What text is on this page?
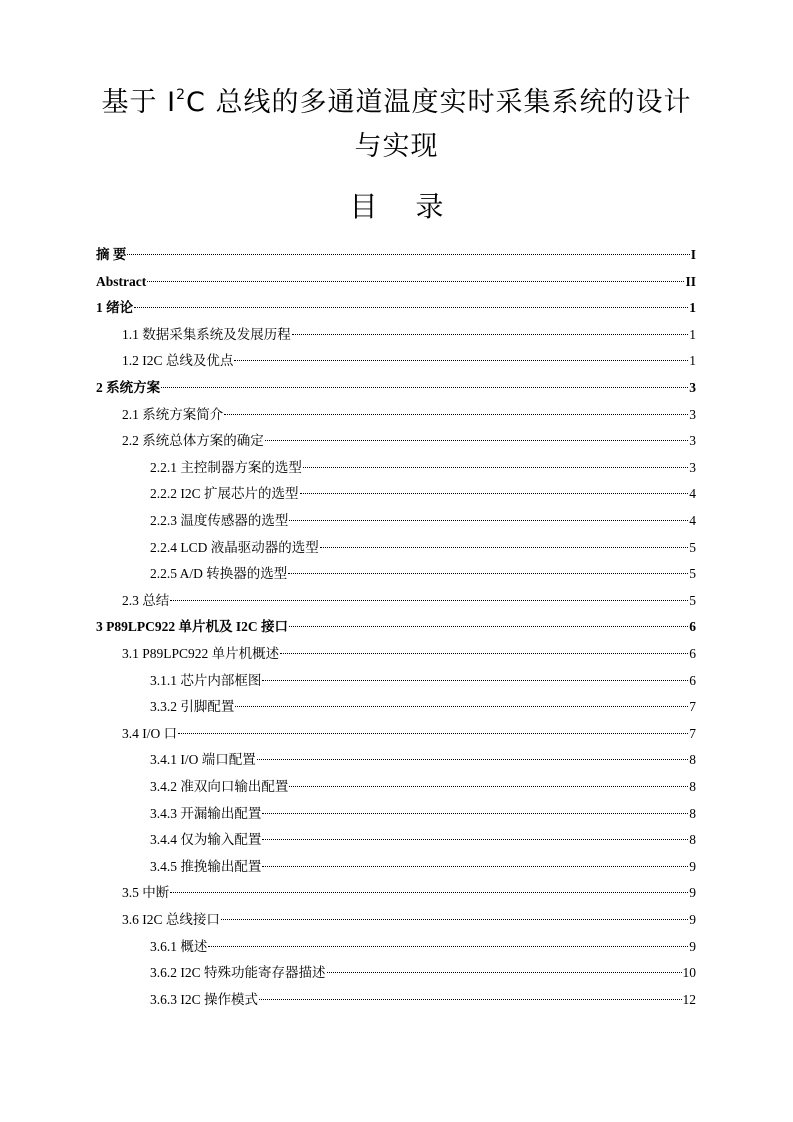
基于 $I^2C$ 总线的多通道温度实时采集系统的设计
与实现
目录
摘 要	I
Abstract	II
1 绪论	1
1.1 数据采集系统及发展历程	1
1.2 I2C 总线及优点	1
2 系统方案	3
2.1 系统方案简介	3
2.2 系统总体方案的确定	3
2.2.1 主控制器方案的选型	3
2.2.2 I2C 扩展芯片的选型	4
2.2.3 温度传感器的选型	4
2.2.4 LCD 液晶驱动器的选型	5
2.2.5 A/D 转换器的选型	5
2.3 总结	5
3 P89LPC922 单片机及 I2C 接口	6
3.1 P89LPC922 单片机概述	6
3.1.1 芯片内部框图	6
3.3.2 引脚配置	7
3.4 I/O 口	7
3.4.1 I/O 端口配置	8
3.4.2 准双向口输出配置	8
3.4.3 开漏输出配置	8
3.4.4 仅为输入配置	8
3.4.5 推挽输出配置	9
3.5 中断	9
3.6 I2C 总线接口	9
3.6.1 概述	9
3.6.2 I2C 特殊功能寄存器描述	10
3.6.3 I2C 操作模式	12
